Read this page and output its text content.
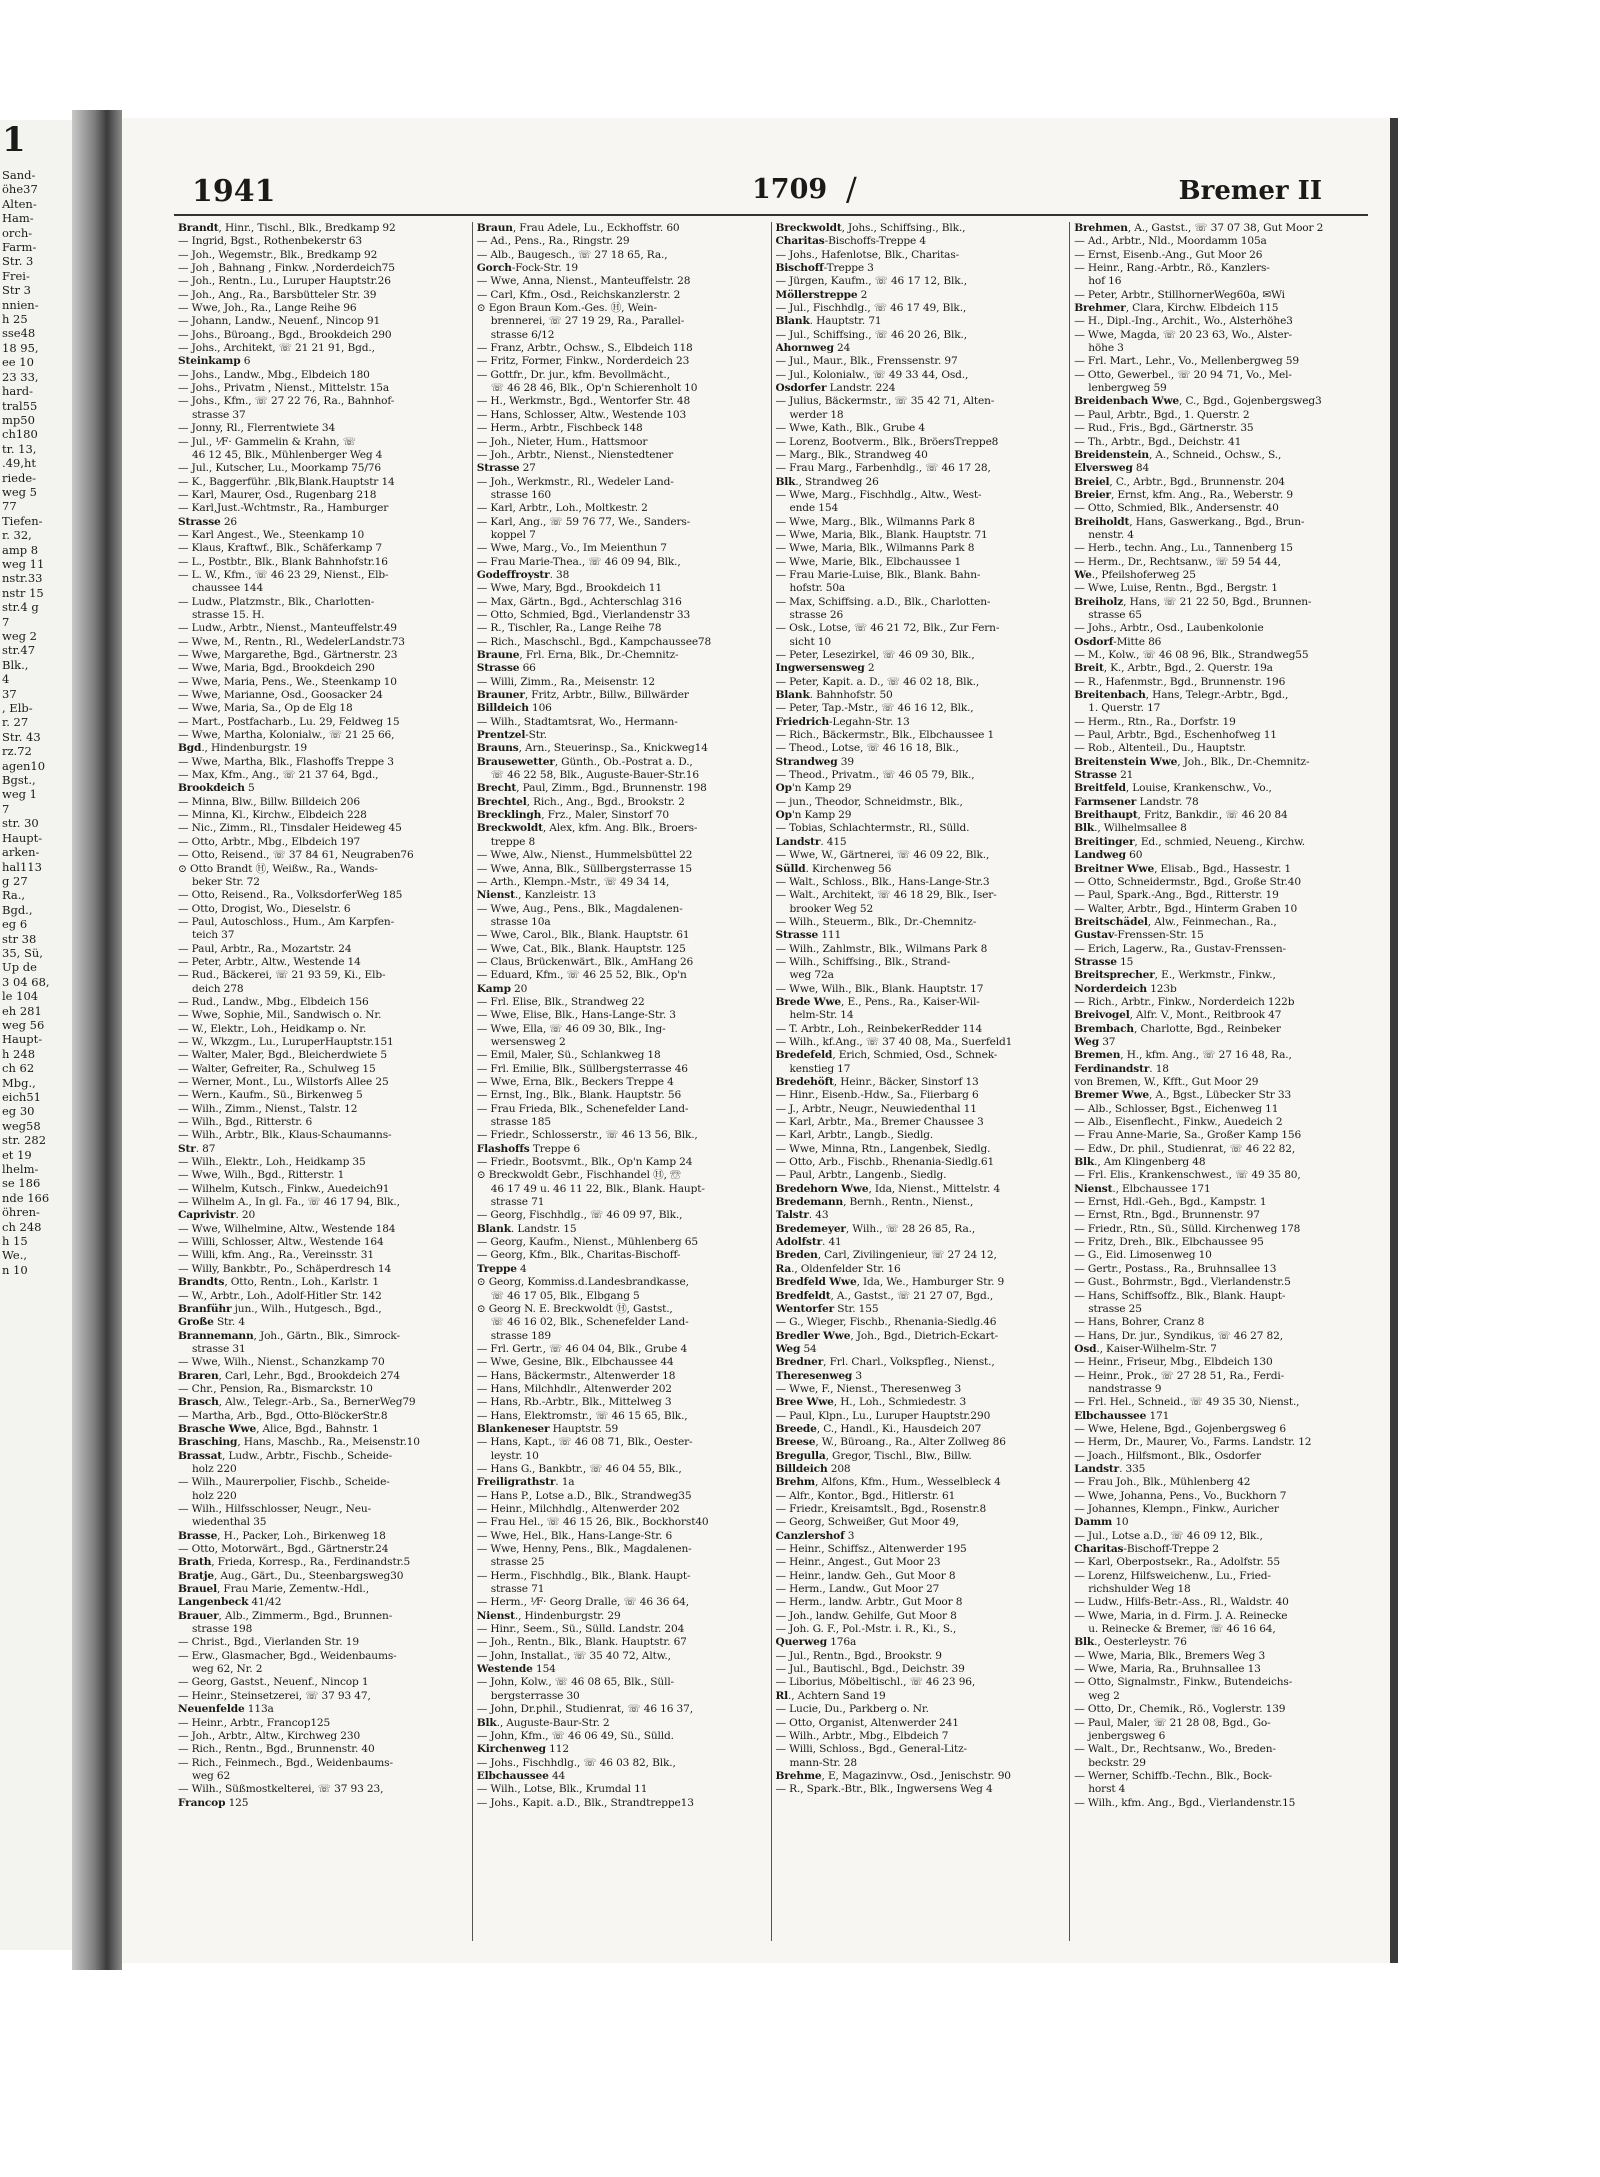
1
Sand-
öhe37
Alten-
Ham-
orch-
Farm-
Str. 3
Frei-
Str 3
nnien-
h 25
sse48
18 95,
ee 10
23 33,
hard-
tral55
mp50
ch180
tr. 13,
.49,ht
riede-
weg 5
77
Tiefen-
r. 32,
amp 8
weg 11
nstr.33
nstr 15
str.4 g
7
weg 2
str.47
Blk.,
4
37
, Elb-
r. 27
Str. 43
rz.72
agen10
Bgst.,
weg 1
7
str. 30
Haupt-
arken-
hal113
g 27
Ra.,
Bgd.,
eg 6
str 38
35, Sü,
Up de
3 04 68,
le 104
eh 281
weg 56
Haupt-
h 248
ch 62
Mbg.,
eich51
eg 30
weg58
str. 282
et 19
lhelm-
se 186
nde 166
öhren-
ch 248
h 15
We.,
n 10
1941	1709 /	Bremer II
Brandt, Hinr., Tischl., Blk., Bredkamp 92
— Ingrid, Bgst., Rothenbekerstr 63
— Joh., Wegemstr., Blk., Bredkamp 92
— Joh , Bahnang , Finkw. ,Norderdeich75
— Joh., Rentn., Lu., Luruper Hauptstr.26
— Joh., Ang., Ra., Barsbütteler Str. 39
— Wwe, Joh., Ra., Lange Reihe 96
— Johann, Landw., Neuenf., Nincop 91
— Johs., Büroang., Bgd., Brookdeich 290
— Johs., Architekt, ☏ 21 21 91, Bgd.,
Steinkamp 6
— Johs., Landw., Mbg., Elbdeich 180
— Johs., Privatm , Nienst., Mittelstr. 15a
— Johs., Kfm., ☏ 27 22 76, Ra., Bahnhof-
strasse 37
— Jonny, Rl., Flerrentwiete 34
— Jul., ⅟F· Gammelin & Krahn, ☏
46 12 45, Blk., Mühlenberger Weg 4
— Jul., Kutscher, Lu., Moorkamp 75/76
— K., Baggerführ. ,Blk,Blank.Hauptstr 14
— Karl, Maurer, Osd., Rugenbarg 218
— Karl,Just.-Wchtmstr., Ra., Hamburger
Strasse 26
— Karl Angest., We., Steenkamp 10
— Klaus, Kraftwf., Blk., Schäferkamp 7
— L., Postbtr., Blk., Blank Bahnhofstr.16
— L. W., Kfm., ☏ 46 23 29, Nienst., Elb-
chaussee 144
— Ludw., Platzmstr., Blk., Charlotten-
strasse 15. H.
— Ludw., Arbtr., Nienst., Manteuffelstr.49
— Wwe, M., Rentn., Rl., WedelerLandstr.73
— Wwe, Margarethe, Bgd., Gärtnerstr. 23
— Wwe, Maria, Bgd., Brookdeich 290
— Wwe, Maria, Pens., We., Steenkamp 10
— Wwe, Marianne, Osd., Goosacker 24
— Wwe, Maria, Sa., Op de Elg 18
— Mart., Postfacharb., Lu. 29, Feldweg 15
— Wwe, Martha, Kolonialw., ☏ 21 25 66,
Bgd., Hindenburgstr. 19
— Wwe, Martha, Blk., Flashoffs Treppe 3
— Max, Kfm., Ang., ☏ 21 37 64, Bgd.,
Brookdeich 5
— Minna, Blw., Billw. Billdeich 206
— Minna, Kl., Kirchw., Elbdeich 228
— Nic., Zimm., Rl., Tinsdaler Heideweg 45
— Otto, Arbtr., Mbg., Elbdeich 197
— Otto, Reisend., ☏ 37 84 61, Neugraben76
⊙ Otto Brandt Ⓗ, Weißw., Ra., Wands-
beker Str. 72
— Otto, Reisend., Ra., VolksdorferWeg 185
— Otto, Drogist, Wo., Dieselstr. 6
— Paul, Autoschloss., Hum., Am Karpfen-
teich 37
— Paul, Arbtr., Ra., Mozartstr. 24
— Peter, Arbtr., Altw., Westende 14
— Rud., Bäckerei, ☏ 21 93 59, Ki., Elb-
deich 278
— Rud., Landw., Mbg., Elbdeich 156
— Wwe, Sophie, Mil., Sandwisch o. Nr.
— W., Elektr., Loh., Heidkamp o. Nr.
— W., Wkzgm., Lu., LuruperHauptstr.151
— Walter, Maler, Bgd., Bleicherdwiete 5
— Walter, Gefreiter, Ra., Schulweg 15
— Werner, Mont., Lu., Wilstorfs Allee 25
— Wern., Kaufm., Sü., Birkenweg 5
— Wilh., Zimm., Nienst., Talstr. 12
— Wilh., Bgd., Ritterstr. 6
— Wilh., Arbtr., Blk., Klaus-Schaumanns-
Str. 87
— Wilh., Elektr., Loh., Heidkamp 35
— Wwe, Wilh., Bgd., Ritterstr. 1
— Wilhelm, Kutsch., Finkw., Auedeich91
— Wilhelm A., In gl. Fa., ☏ 46 17 94, Blk.,
Caprivistr. 20
— Wwe, Wilhelmine, Altw., Westende 184
— Willi, Schlosser, Altw., Westende 164
— Willi, kfm. Ang., Ra., Vereinsstr. 31
— Willy, Bankbtr., Po., Schäperdresch 14
Brandts, Otto, Rentn., Loh., Karlstr. 1
— W., Arbtr., Loh., Adolf-Hitler Str. 142
Branführ jun., Wilh., Hutgesch., Bgd.,
Große Str. 4
Brannemann, Joh., Gärtn., Blk., Simrock-
strasse 31
— Wwe, Wilh., Nienst., Schanzkamp 70
Braren, Carl, Lehr., Bgd., Brookdeich 274
— Chr., Pension, Ra., Bismarckstr. 10
Brasch, Alw., Telegr.-Arb., Sa., BernerWeg79
— Martha, Arb., Bgd., Otto-BlöckerStr.8
Brasche Wwe, Alice, Bgd., Bahnstr. 1
Brasching, Hans, Maschb., Ra., Meisenstr.10
Brassat, Ludw., Arbtr., Fischb., Scheide-
holz 220
— Wilh., Maurerpolier, Fischb., Scheide-
holz 220
— Wilh., Hilfsschlosser, Neugr., Neu-
wiedenthal 35
Brasse, H., Packer, Loh., Birkenweg 18
— Otto, Motorwärt., Bgd., Gärtnerstr.24
Brath, Frieda, Korresp., Ra., Ferdinandstr.5
Bratje, Aug., Gärt., Du., Steenbargsweg30
Brauel, Frau Marie, Zementw.-Hdl.,
Langenbeck 41/42
Brauer, Alb., Zimmerm., Bgd., Brunnen-
strasse 198
— Christ., Bgd., Vierlanden Str. 19
— Erw., Glasmacher, Bgd., Weidenbaums-
weg 62, Nr. 2
— Georg, Gastst., Neuenf., Nincop 1
— Heinr., Steinsetzerei, ☏ 37 93 47,
Neuenfelde 113a
— Heinr., Arbtr., Francop125
— Joh., Arbtr., Altw., Kirchweg 230
— Rich., Rentn., Bgd., Brunnenstr. 40
— Rich., Feinmech., Bgd., Weidenbaums-
weg 62
— Wilh., Süßmostkelterei, ☏ 37 93 23,
Francop 125
Braun, Frau Adele, Lu., Eckhoffstr. 60
— Ad., Pens., Ra., Ringstr. 29
— Alb., Baugesch., ☏ 27 18 65, Ra.,
Gorch-Fock-Str. 19
— Wwe, Anna, Nienst., Manteuffelstr. 28
— Carl, Kfm., Osd., Reichskanzlerstr. 2
⊙ Egon Braun Kom.-Ges. Ⓗ, Wein-
brennerei, ☏ 27 19 29, Ra., Parallel-
strasse 6/12
— Franz, Arbtr., Ochsw., S., Elbdeich 118
— Fritz, Former, Finkw., Norderdeich 23
— Gottfr., Dr. jur., kfm. Bevollmächt.,
☏ 46 28 46, Blk., Op'n Schierenholt 10
— H., Werkmstr., Bgd., Wentorfer Str. 48
— Hans, Schlosser, Altw., Westende 103
— Herm., Arbtr., Fischbeck 148
— Joh., Nieter, Hum., Hattsmoor
— Joh., Arbtr., Nienst., Nienstedtener
Strasse 27
— Joh., Werkmstr., Rl., Wedeler Land-
strasse 160
— Karl, Arbtr., Loh., Moltkestr. 2
— Karl, Ang., ☏ 59 76 77, We., Sanders-
koppel 7
— Wwe, Marg., Vo., Im Meienthun 7
— Frau Marie-Thea., ☏ 46 09 94, Blk.,
Godeffroystr. 38
— Wwe, Mary, Bgd., Brookdeich 11
— Max, Gärtn., Bgd., Achterschlag 316
— Otto, Schmied, Bgd., Vierlandenstr 33
— R., Tischler, Ra., Lange Reihe 78
— Rich., Maschschl., Bgd., Kampchaussee78
Braune, Frl. Erna, Blk., Dr.-Chemnitz-
Strasse 66
— Willi, Zimm., Ra., Meisenstr. 12
Brauner, Fritz, Arbtr., Billw., Billwärder
Billdeich 106
— Wilh., Stadtamtsrat, Wo., Hermann-
Prentzel-Str.
Brauns, Arn., Steuerinsp., Sa., Knickweg14
Brausewetter, Günth., Ob.-Postrat a. D.,
☏ 46 22 58, Blk., Auguste-Bauer-Str.16
Brecht, Paul, Zimm., Bgd., Brunnenstr. 198
Brechtel, Rich., Ang., Bgd., Brookstr. 2
Brecklingh, Frz., Maler, Sinstorf 70
Breckwoldt, Alex, kfm. Ang. Blk., Broers-
treppe 8
— Wwe, Alw., Nienst., Hummelsbüttel 22
— Wwe, Anna, Blk., Süllbergsterrasse 15
— Arth., Klempn.-Mstr., ☏ 49 34 14,
Nienst., Kanzleistr. 13
— Wwe, Aug., Pens., Blk., Magdalenen-
strasse 10a
— Wwe, Carol., Blk., Blank. Hauptstr. 61
— Wwe, Cat., Blk., Blank. Hauptstr. 125
— Claus, Brückenwärt., Blk., AmHang 26
— Eduard, Kfm., ☏ 46 25 52, Blk., Op'n
Kamp 20
— Frl. Elise, Blk., Strandweg 22
— Wwe, Elise, Blk., Hans-Lange-Str. 3
— Wwe, Ella, ☏ 46 09 30, Blk., Ing-
wersensweg 2
— Emil, Maler, Sü., Schlankweg 18
— Frl. Emilie, Blk., Süllbergsterrasse 46
— Wwe, Erna, Blk., Beckers Treppe 4
— Ernst, Ing., Blk., Blank. Hauptstr. 56
— Frau Frieda, Blk., Schenefelder Land-
strasse 185
— Friedr., Schlosserstr., ☏ 46 13 56, Blk.,
Flashoffs Treppe 6
— Friedr., Bootsvmt., Blk., Op'n Kamp 24
⊙ Breckwoldt Gebr., Fischhandel Ⓗ, ☏
46 17 49 u. 46 11 22, Blk., Blank. Haupt-
strasse 71
— Georg, Fischhdlg., ☏ 46 09 97, Blk.,
Blank. Landstr. 15
— Georg, Kaufm., Nienst., Mühlenberg 65
— Georg, Kfm., Blk., Charitas-Bischoff-
Treppe 4
⊙ Georg, Kommiss.d.Landesbrandkasse,
☏ 46 17 05, Blk., Elbgang 5
⊙ Georg N. E. Breckwoldt Ⓗ, Gastst.,
☏ 46 16 02, Blk., Schenefelder Land-
strasse 189
— Frl. Gertr., ☏ 46 04 04, Blk., Grube 4
— Wwe, Gesine, Blk., Elbchaussee 44
— Hans, Bäckermstr., Altenwerder 18
— Hans, Milchhdlr., Altenwerder 202
— Hans, Rb.-Arbtr., Blk., Mittelweg 3
— Hans, Elektromstr., ☏ 46 15 65, Blk.,
Blankeneser Hauptstr. 59
— Hans, Kapt., ☏ 46 08 71, Blk., Oester-
leystr. 10
— Hans G., Bankbtr., ☏ 46 04 55, Blk.,
Freiligrathstr. 1a
— Hans P., Lotse a.D., Blk., Strandweg35
— Heinr., Milchhdlg., Altenwerder 202
— Frau Hel., ☏ 46 15 26, Blk., Bockhorst40
— Wwe, Hel., Blk., Hans-Lange-Str. 6
— Wwe, Henny, Pens., Blk., Magdalenen-
strasse 25
— Herm., Fischhdlg., Blk., Blank. Haupt-
strasse 71
— Herm., ⅟F· Georg Dralle, ☏ 46 36 64,
Nienst., Hindenburgstr. 29
— Hinr., Seem., Sü., Sülld. Landstr. 204
— Joh., Rentn., Blk., Blank. Hauptstr. 67
— John, Installat., ☏ 35 40 72, Altw.,
Westende 154
— John, Kolw., ☏ 46 08 65, Blk., Süll-
bergsterrasse 30
— John, Dr.phil., Studienrat, ☏ 46 16 37,
Blk., Auguste-Baur-Str. 2
— John, Kfm., ☏ 46 06 49, Sü., Sülld.
Kirchenweg 112
— Johs., Fischhdlg., ☏ 46 03 82, Blk.,
Elbchaussee 44
— Wilh., Lotse, Blk., Krumdal 11
— Johs., Kapit. a.D., Blk., Strandtreppe13
Breckwoldt, Johs., Schiffsing., Blk.,
Charitas-Bischoffs-Treppe 4
— Johs., Hafenlotse, Blk., Charitas-
Bischoff-Treppe 3
— Jürgen, Kaufm., ☏ 46 17 12, Blk.,
Möllerstreppe 2
— Jul., Fischhdlg., ☏ 46 17 49, Blk.,
Blank. Hauptstr. 71
— Jul., Schiffsing., ☏ 46 20 26, Blk.,
Ahornweg 24
— Jul., Maur., Blk., Frenssenstr. 97
— Jul., Kolonialw., ☏ 49 33 44, Osd.,
Osdorfer Landstr. 224
— Julius, Bäckermstr., ☏ 35 42 71, Alten-
werder 18
— Wwe, Kath., Blk., Grube 4
— Lorenz, Bootverm., Blk., BröersTreppe8
— Marg., Blk., Strandweg 40
— Frau Marg., Farbenhdlg., ☏ 46 17 28,
Blk., Strandweg 26
— Wwe, Marg., Fischhdlg., Altw., West-
ende 154
— Wwe, Marg., Blk., Wilmanns Park 8
— Wwe, Maria, Blk., Blank. Hauptstr. 71
— Wwe, Maria, Blk., Wilmanns Park 8
— Wwe, Marie, Blk., Elbchaussee 1
— Frau Marie-Luise, Blk., Blank. Bahn-
hofstr. 50a
— Max, Schiffsing. a.D., Blk., Charlotten-
strasse 26
— Osk., Lotse, ☏ 46 21 72, Blk., Zur Fern-
sicht 10
— Peter, Lesezirkel, ☏ 46 09 30, Blk.,
Ingwersensweg 2
— Peter, Kapit. a. D., ☏ 46 02 18, Blk.,
Blank. Bahnhofstr. 50
— Peter, Tap.-Mstr., ☏ 46 16 12, Blk.,
Friedrich-Legahn-Str. 13
— Rich., Bäckermstr., Blk., Elbchaussee 1
— Theod., Lotse, ☏ 46 16 18, Blk.,
Strandweg 39
— Theod., Privatm., ☏ 46 05 79, Blk.,
Op'n Kamp 29
— jun., Theodor, Schneidmstr., Blk.,
Op'n Kamp 29
— Tobias, Schlachtermstr., Rl., Sülld.
Landstr. 415
— Wwe, W., Gärtnerei, ☏ 46 09 22, Blk.,
Sülld. Kirchenweg 56
— Walt., Schloss., Blk., Hans-Lange-Str.3
— Walt., Architekt, ☏ 46 18 29, Blk., Iser-
brooker Weg 52
— Wilh., Steuerm., Blk., Dr.-Chemnitz-
Strasse 111
— Wilh., Zahlmstr., Blk., Wilmans Park 8
— Wilh., Schiffsing., Blk., Strand-
weg 72a
— Wwe, Wilh., Blk., Blank. Hauptstr. 17
Brede Wwe, E., Pens., Ra., Kaiser-Wil-
helm-Str. 14
— T. Arbtr., Loh., ReinbekerRedder 114
— Wilh., kf.Ang., ☏ 37 40 08, Ma., Suerfeld1
Bredefeld, Erich, Schmied, Osd., Schnek-
kenstieg 17
Bredehöft, Heinr., Bäcker, Sinstorf 13
— Hinr., Eisenb.-Hdw., Sa., Fiierbarg 6
— J., Arbtr., Neugr., Neuwiedenthal 11
— Karl, Arbtr., Ma., Bremer Chaussee 3
— Karl, Arbtr., Langb., Siedlg.
— Wwe, Minna, Rtn., Langenbek, Siedlg.
— Otto, Arb., Fischb., Rhenania-Siedlg.61
— Paul, Arbtr., Langenb., Siedlg.
Bredehorn Wwe, Ida, Nienst., Mittelstr. 4
Bredemann, Bernh., Rentn., Nienst.,
Talstr. 43
Bredemeyer, Wilh., ☏ 28 26 85, Ra.,
Adolfstr. 41
Breden, Carl, Zivilingenieur, ☏ 27 24 12,
Ra., Oldenfelder Str. 16
Bredfeld Wwe, Ida, We., Hamburger Str. 9
Bredfeldt, A., Gastst., ☏ 21 27 07, Bgd.,
Wentorfer Str. 155
— G., Wieger, Fischb., Rhenania-Siedlg.46
Bredler Wwe, Joh., Bgd., Dietrich-Eckart-
Weg 54
Bredner, Frl. Charl., Volkspfleg., Nienst.,
Theresenweg 3
— Wwe, F., Nienst., Theresenweg 3
Bree Wwe, H., Loh., Schmiedestr. 3
— Paul, Klpn., Lu., Luruper Hauptstr.290
Breede, C., Handl., Ki., Hausdeich 207
Breese, W., Büroang., Ra., Alter Zollweg 86
Bregulla, Gregor, Tischl., Blw., Billw.
Billdeich 208
Brehm, Alfons, Kfm., Hum., Wesselbleck 4
— Alfr., Kontor., Bgd., Hitlerstr. 61
— Friedr., Kreisamtslt., Bgd., Rosenstr.8
— Georg, Schweißer, Gut Moor 49,
Canzlershof 3
— Heinr., Schiffsz., Altenwerder 195
— Heinr., Angest., Gut Moor 23
— Heinr., landw. Geh., Gut Moor 8
— Herm., Landw., Gut Moor 27
— Herm., landw. Arbtr., Gut Moor 8
— Joh., landw. Gehilfe, Gut Moor 8
— Joh. G. F., Pol.-Mstr. i. R., Ki., S.,
Querweg 176a
— Jul., Rentn., Bgd., Brookstr. 9
— Jul., Bautischl., Bgd., Deichstr. 39
— Liborius, Möbeltischl., ☏ 46 23 96,
Rl., Achtern Sand 19
— Lucie, Du., Parkberg o. Nr.
— Otto, Organist, Altenwerder 241
— Wilh., Arbtr., Mbg., Elbdeich 7
— Willi, Schloss., Bgd., General-Litz-
mann-Str. 28
Brehme, E, Magazinvw., Osd., Jenischstr. 90
— R., Spark.-Btr., Blk., Ingwersens Weg 4
Brehmen, A., Gastst., ☏ 37 07 38, Gut Moor 2
— Ad., Arbtr., Nld., Moordamm 105a
— Ernst, Eisenb.-Ang., Gut Moor 26
— Heinr., Rang.-Arbtr., Rö., Kanzlers-
hof 16
— Peter, Arbtr., StillhornerWeg60a, ✉Wi
Brehmer, Clara, Kirchw. Elbdeich 115
— H., Dipl.-Ing., Archit., Wo., Alsterhöhe3
— Wwe, Magda, ☏ 20 23 63, Wo., Alster-
höhe 3
— Frl. Mart., Lehr., Vo., Mellenbergweg 59
— Otto, Gewerbel., ☏ 20 94 71, Vo., Mel-
lenbergweg 59
Breidenbach Wwe, C., Bgd., Gojenbergsweg3
— Paul, Arbtr., Bgd., 1. Querstr. 2
— Rud., Fris., Bgd., Gärtnerstr. 35
— Th., Arbtr., Bgd., Deichstr. 41
Breidenstein, A., Schneid., Ochsw., S.,
Elversweg 84
Breiel, C., Arbtr., Bgd., Brunnenstr. 204
Breier, Ernst, kfm. Ang., Ra., Weberstr. 9
— Otto, Schmied, Blk., Andersenstr. 40
Breiholdt, Hans, Gaswerkang., Bgd., Brun-
nenstr. 4
— Herb., techn. Ang., Lu., Tannenberg 15
— Herm., Dr., Rechtsanw., ☏ 59 54 44,
We., Pfeilshoferweg 25
— Wwe, Luise, Rentn., Bgd., Bergstr. 1
Breiholz, Hans, ☏ 21 22 50, Bgd., Brunnen-
strasse 65
— Johs., Arbtr., Osd., Laubenkolonie
Osdorf-Mitte 86
— M., Kolw., ☏ 46 08 96, Blk., Strandweg55
Breit, K., Arbtr., Bgd., 2. Querstr. 19a
— R., Hafenmstr., Bgd., Brunnenstr. 196
Breitenbach, Hans, Telegr.-Arbtr., Bgd.,
1. Querstr. 17
— Herm., Rtn., Ra., Dorfstr. 19
— Paul, Arbtr., Bgd., Eschenhofweg 11
— Rob., Altenteil., Du., Hauptstr.
Breitenstein Wwe, Joh., Blk., Dr.-Chemnitz-
Strasse 21
Breitfeld, Louise, Krankenschw., Vo.,
Farmsener Landstr. 78
Breithaupt, Fritz, Bankdir., ☏ 46 20 84
Blk., Wilhelmsallee 8
Breitinger, Ed., schmied, Neueng., Kirchw.
Landweg 60
Breitner Wwe, Elisab., Bgd., Hassestr. 1
— Otto, Schneidermstr., Bgd., Große Str.40
— Paul, Spark.-Ang., Bgd., Ritterstr. 19
— Walter, Arbtr., Bgd., Hinterm Graben 10
Breitschädel, Alw., Feinmechan., Ra.,
Gustav-Frenssen-Str. 15
— Erich, Lagerw., Ra., Gustav-Frenssen-
Strasse 15
Breitsprecher, E., Werkmstr., Finkw.,
Norderdeich 123b
— Rich., Arbtr., Finkw., Norderdeich 122b
Breivogel, Alfr. V., Mont., Reitbrook 47
Brembach, Charlotte, Bgd., Reinbeker
Weg 37
Bremen, H., kfm. Ang., ☏ 27 16 48, Ra.,
Ferdinandstr. 18
von Bremen, W., Kfft., Gut Moor 29
Bremer Wwe, A., Bgst., Lübecker Str 33
— Alb., Schlosser, Bgst., Eichenweg 11
— Alb., Eisenflecht., Finkw., Auedeich 2
— Frau Anne-Marie, Sa., Großer Kamp 156
— Edw., Dr. phil., Studienrat, ☏ 46 22 82,
Blk., Am Klingenberg 48
— Frl. Elis., Krankenschwest., ☏ 49 35 80,
Nienst., Elbchaussee 171
— Ernst, Hdl.-Geh., Bgd., Kampstr. 1
— Ernst, Rtn., Bgd., Brunnenstr. 97
— Friedr., Rtn., Sü., Sülld. Kirchenweg 178
— Fritz, Dreh., Blk., Elbchaussee 95
— G., Eid. Limosenweg 10
— Gertr., Postass., Ra., Bruhnsallee 13
— Gust., Bohrmstr., Bgd., Vierlandenstr.5
— Hans, Schiffsoffz., Blk., Blank. Haupt-
strasse 25
— Hans, Bohrer, Cranz 8
— Hans, Dr. jur., Syndikus, ☏ 46 27 82,
Osd., Kaiser-Wilhelm-Str. 7
— Heinr., Friseur, Mbg., Elbdeich 130
— Heinr., Prok., ☏ 27 28 51, Ra., Ferdi-
nandstrasse 9
— Frl. Hel., Schneid., ☏ 49 35 30, Nienst.,
Elbchaussee 171
— Wwe, Helene, Bgd., Gojenbergsweg 6
— Herm, Dr., Maurer, Vo., Farms. Landstr. 12
— Joach., Hilfsmont., Blk., Osdorfer
Landstr. 335
— Frau Joh., Blk., Mühlenberg 42
— Wwe, Johanna, Pens., Vo., Buckhorn 7
— Johannes, Klempn., Finkw., Auricher
Damm 10
— Jul., Lotse a.D., ☏ 46 09 12, Blk.,
Charitas-Bischoff-Treppe 2
— Karl, Oberpostsekr., Ra., Adolfstr. 55
— Lorenz, Hilfsweichenw., Lu., Fried-
richshulder Weg 18
— Ludw., Hilfs-Betr.-Ass., Rl., Waldstr. 40
— Wwe, Maria, in d. Firm. J. A. Reinecke
u. Reinecke & Bremer, ☏ 46 16 64,
Blk., Oesterleystr. 76
— Wwe, Maria, Blk., Bremers Weg 3
— Wwe, Maria, Ra., Bruhnsallee 13
— Otto, Signalmstr., Finkw., Butendeichs-
weg 2
— Otto, Dr., Chemik., Rö., Voglerstr. 139
— Paul, Maler, ☏ 21 28 08, Bgd., Go-
jenbergsweg 6
— Walt., Dr., Rechtsanw., Wo., Breden-
beckstr. 29
— Werner, Schiffb.-Techn., Blk., Bock-
horst 4
— Wilh., kfm. Ang., Bgd., Vierlandenstr.15
